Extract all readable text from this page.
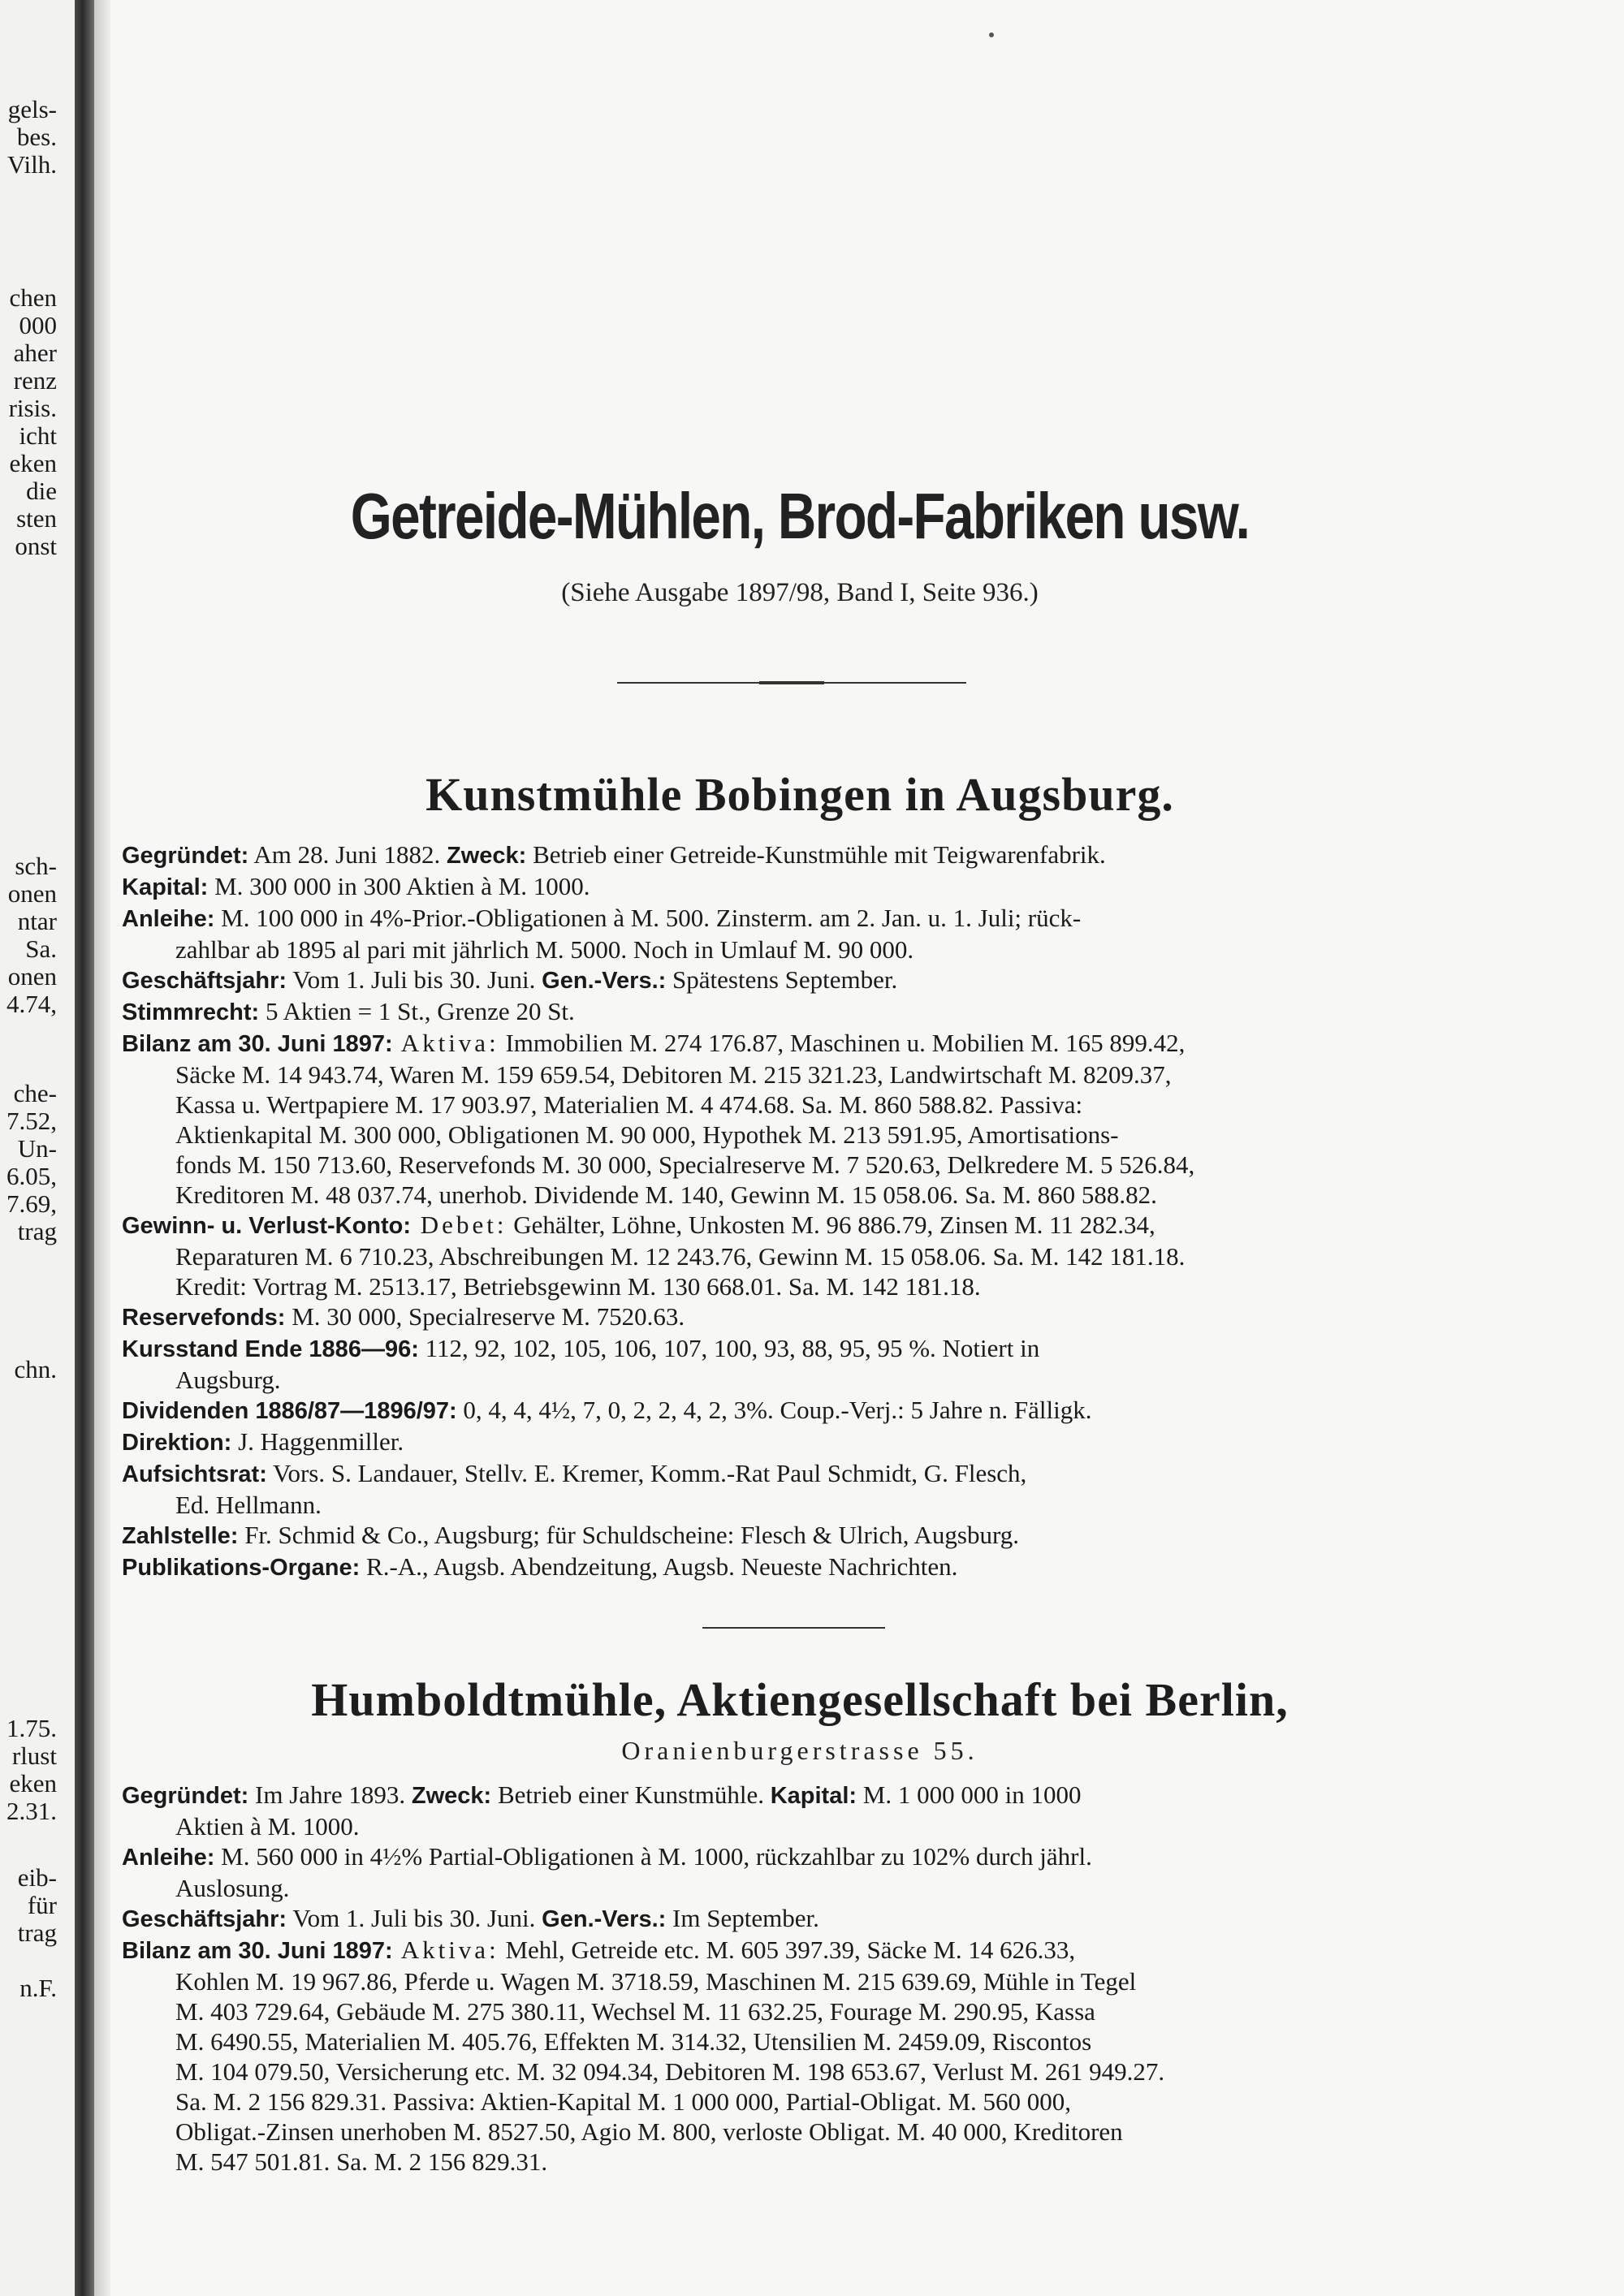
gels-
bes.
Vilh.
chen
000
aher
renz
risis.
icht
eken
die
sten
onst
sch-
onen
ntar
Sa.
onen
4.74,
che-
7.52,
Un-
6.05,
7.69,
trag
chn.
1.75.
rlust
eken
2.31.
eib-
für
trag
n.F.
Getreide-Mühlen, Brod-Fabriken usw.
(Siehe Ausgabe 1897/98, Band I, Seite 936.)
Kunstmühle Bobingen in Augsburg.
Gegründet: Am 28. Juni 1882. Zweck: Betrieb einer Getreide-Kunstmühle mit Teigwarenfabrik.
Kapital: M. 300 000 in 300 Aktien à M. 1000.
Anleihe: M. 100 000 in 4%-Prior.-Obligationen à M. 500. Zinsterm. am 2. Jan. u. 1. Juli; rück-
zahlbar ab 1895 al pari mit jährlich M. 5000. Noch in Umlauf M. 90 000.
Geschäftsjahr: Vom 1. Juli bis 30. Juni. Gen.-Vers.: Spätestens September.
Stimmrecht: 5 Aktien = 1 St., Grenze 20 St.
Bilanz am 30. Juni 1897: Aktiva: Immobilien M. 274 176.87, Maschinen u. Mobilien M. 165 899.42,
Säcke M. 14 943.74, Waren M. 159 659.54, Debitoren M. 215 321.23, Landwirtschaft M. 8209.37,
Kassa u. Wertpapiere M. 17 903.97, Materialien M. 4 474.68. Sa. M. 860 588.82. Passiva:
Aktienkapital M. 300 000, Obligationen M. 90 000, Hypothek M. 213 591.95, Amortisations-
fonds M. 150 713.60, Reservefonds M. 30 000, Specialreserve M. 7 520.63, Delkredere M. 5 526.84,
Kreditoren M. 48 037.74, unerhob. Dividende M. 140, Gewinn M. 15 058.06. Sa. M. 860 588.82.
Gewinn- u. Verlust-Konto: Debet: Gehälter, Löhne, Unkosten M. 96 886.79, Zinsen M. 11 282.34,
Reparaturen M. 6 710.23, Abschreibungen M. 12 243.76, Gewinn M. 15 058.06. Sa. M. 142 181.18.
Kredit: Vortrag M. 2513.17, Betriebsgewinn M. 130 668.01. Sa. M. 142 181.18.
Reservefonds: M. 30 000, Specialreserve M. 7520.63.
Kursstand Ende 1886—96: 112, 92, 102, 105, 106, 107, 100, 93, 88, 95, 95 %. Notiert in
Augsburg.
Dividenden 1886/87—1896/97: 0, 4, 4, 4½, 7, 0, 2, 2, 4, 2, 3%. Coup.-Verj.: 5 Jahre n. Fälligk.
Direktion: J. Haggenmiller.
Aufsichtsrat: Vors. S. Landauer, Stellv. E. Kremer, Komm.-Rat Paul Schmidt, G. Flesch,
Ed. Hellmann.
Zahlstelle: Fr. Schmid & Co., Augsburg; für Schuldscheine: Flesch & Ulrich, Augsburg.
Publikations-Organe: R.-A., Augsb. Abendzeitung, Augsb. Neueste Nachrichten.
Humboldtmühle, Aktiengesellschaft bei Berlin,
Oranienburgerstrasse 55.
Gegründet: Im Jahre 1893. Zweck: Betrieb einer Kunstmühle. Kapital: M. 1 000 000 in 1000
Aktien à M. 1000.
Anleihe: M. 560 000 in 4½% Partial-Obligationen à M. 1000, rückzahlbar zu 102% durch jährl.
Auslosung.
Geschäftsjahr: Vom 1. Juli bis 30. Juni. Gen.-Vers.: Im September.
Bilanz am 30. Juni 1897: Aktiva: Mehl, Getreide etc. M. 605 397.39, Säcke M. 14 626.33,
Kohlen M. 19 967.86, Pferde u. Wagen M. 3718.59, Maschinen M. 215 639.69, Mühle in Tegel
M. 403 729.64, Gebäude M. 275 380.11, Wechsel M. 11 632.25, Fourage M. 290.95, Kassa
M. 6490.55, Materialien M. 405.76, Effekten M. 314.32, Utensilien M. 2459.09, Riscontos
M. 104 079.50, Versicherung etc. M. 32 094.34, Debitoren M. 198 653.67, Verlust M. 261 949.27.
Sa. M. 2 156 829.31. Passiva: Aktien-Kapital M. 1 000 000, Partial-Obligat. M. 560 000,
Obligat.-Zinsen unerhoben M. 8527.50, Agio M. 800, verloste Obligat. M. 40 000, Kreditoren
M. 547 501.81. Sa. M. 2 156 829.31.
